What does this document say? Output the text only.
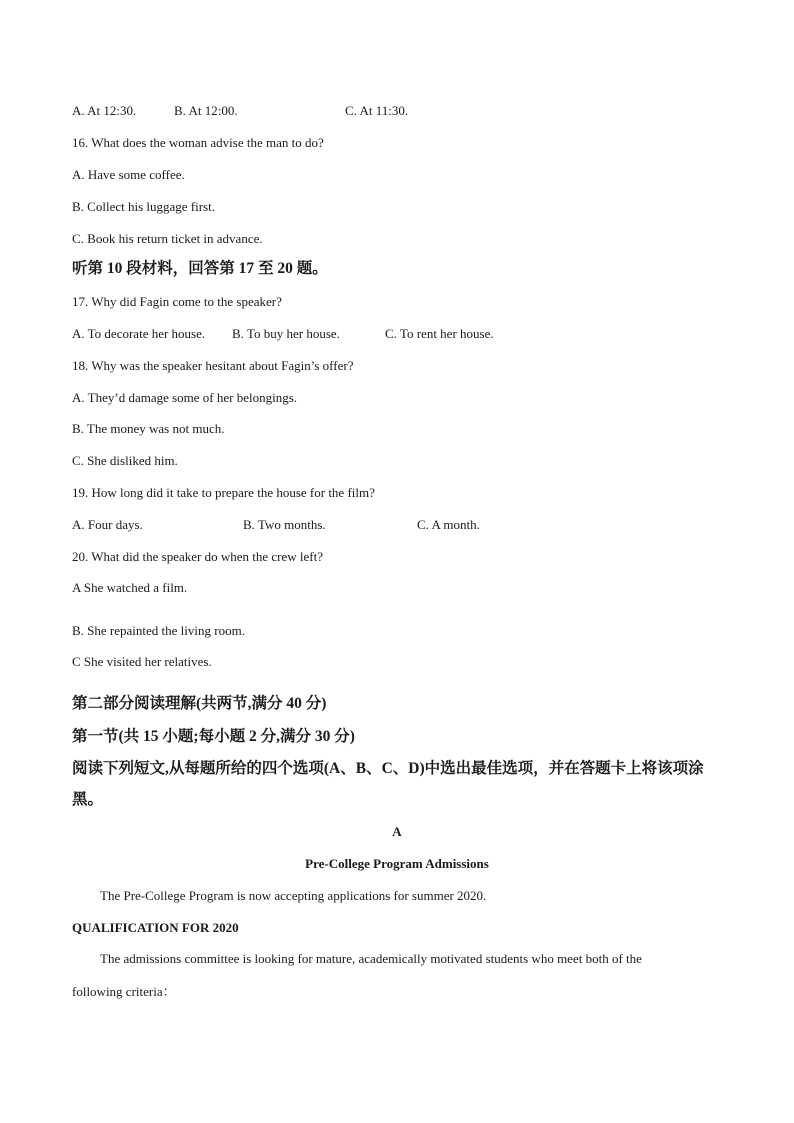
A. At 12:30.	B. At 12:00.	C. At 11:30.
16. What does the woman advise the man to do?
A. Have some coffee.
B. Collect his luggage first.
C. Book his return ticket in advance.
听第 10 段材料，回答第 17 至 20 题。
17. Why did Fagin come to the speaker?
A. To decorate her house. B. To buy her house.	C. To rent her house.
18. Why was the speaker hesitant about Fagin’s offer?
A. They’d damage some of her belongings.
B. The money was not much.
C. She disliked him.
19. How long did it take to prepare the house for the film?
A. Four days.	B. Two months.	C. A month.
20. What did the speaker do when the crew left?
A She watched a film.
B. She repainted the living room.
C She visited her relatives.
第二部分阅读理解(共两节,满分 40 分)
第一节(共 15 小题;每小题 2 分,满分 30 分)
阅读下列短文,从每题所给的四个选项(A、B、C、D)中选出最佳选项，并在答题卡上将该项涂
黑。
A
Pre-College Program Admissions
The Pre-College Program is now accepting applications for summer 2020.
QUALIFICATION FOR 2020
The admissions committee is looking for mature, academically motivated students who meet both of the
following criteria：
